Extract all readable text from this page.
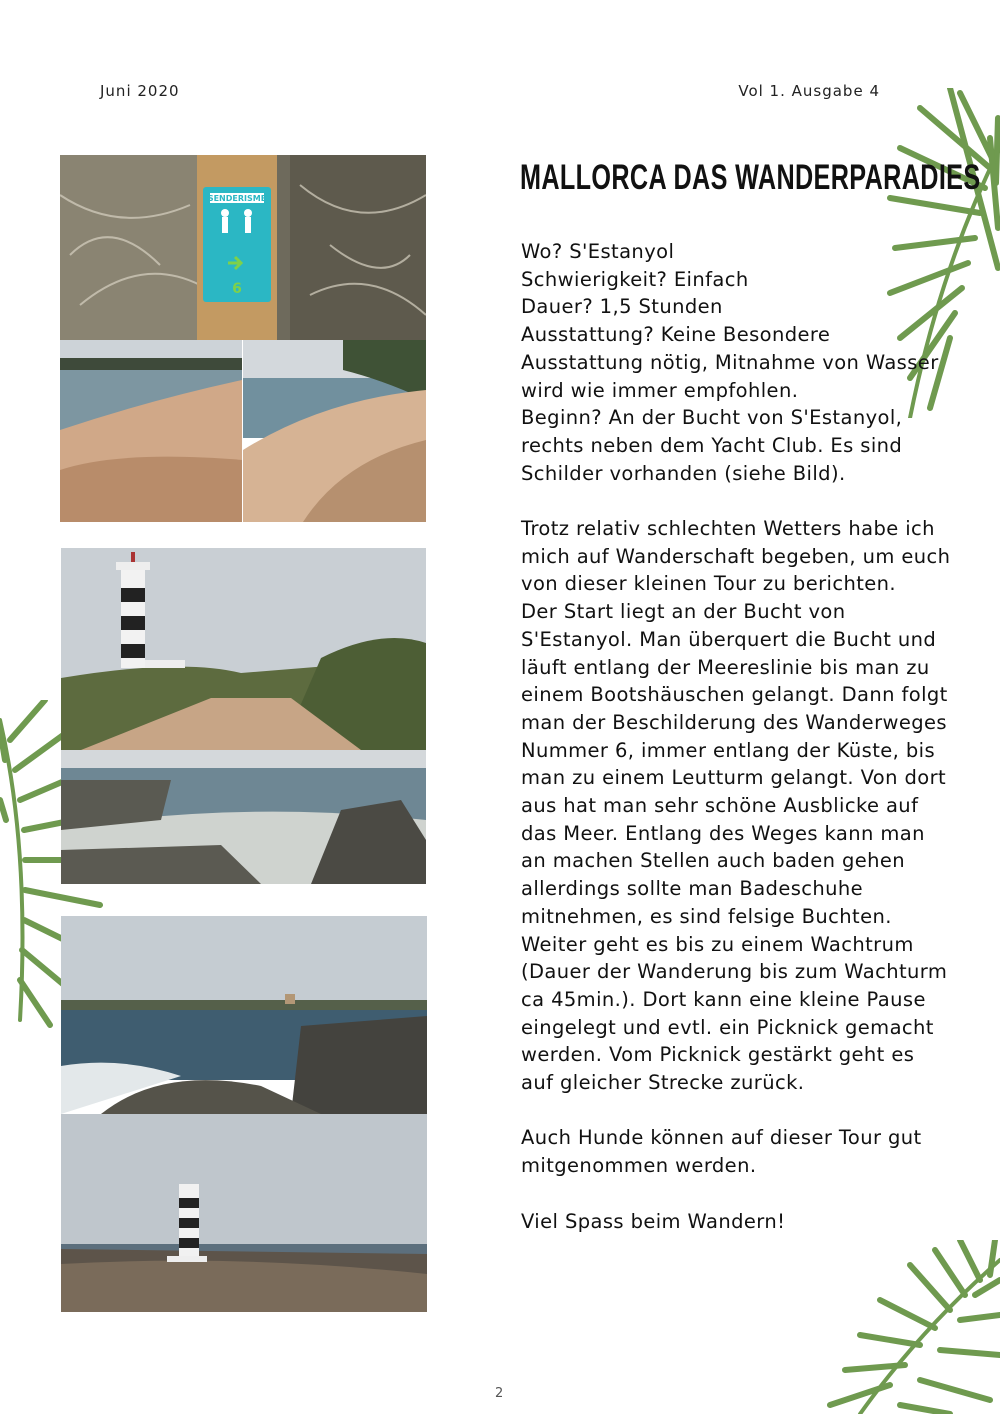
Juni 2020	Vol 1. Ausgabe 4
SENDERISME
6
MALLORCA DAS WANDERPARADIES

Wo? S'Estanyol

Schwierigkeit? Einfach

Dauer? 1,5 Stunden

Ausstattung? Keine Besondere Ausstattung nötig, Mitnahme von Wasser wird wie immer empfohlen.

Beginn? An der Bucht von S'Estanyol, rechts neben dem Yacht Club. Es sind Schilder vorhanden (siehe Bild).

Trotz relativ schlechten Wetters habe ich mich auf Wanderschaft begeben, um euch von dieser kleinen Tour zu berichten.

Der Start liegt an der Bucht von S'Estanyol. Man überquert die Bucht und läuft entlang der Meereslinie bis man zu einem Bootshäuschen gelangt. Dann folgt man der Beschilderung des Wanderweges Nummer 6, immer entlang der Küste, bis man zu einem Leutturm gelangt. Von dort aus hat man sehr schöne Ausblicke auf das Meer. Entlang des Weges kann man an machen Stellen auch baden gehen allerdings sollte man Badeschuhe mitnehmen, es sind felsige Buchten. Weiter geht es bis zu einem Wachtrum (Dauer der Wanderung bis zum Wachturm ca 45min.). Dort kann eine kleine Pause eingelegt und evtl. ein Picknick gemacht werden. Vom Picknick gestärkt geht es auf gleicher Strecke zurück.

Auch Hunde können auf dieser Tour gut mitgenommen werden.

Viel Spass beim Wandern!

2
